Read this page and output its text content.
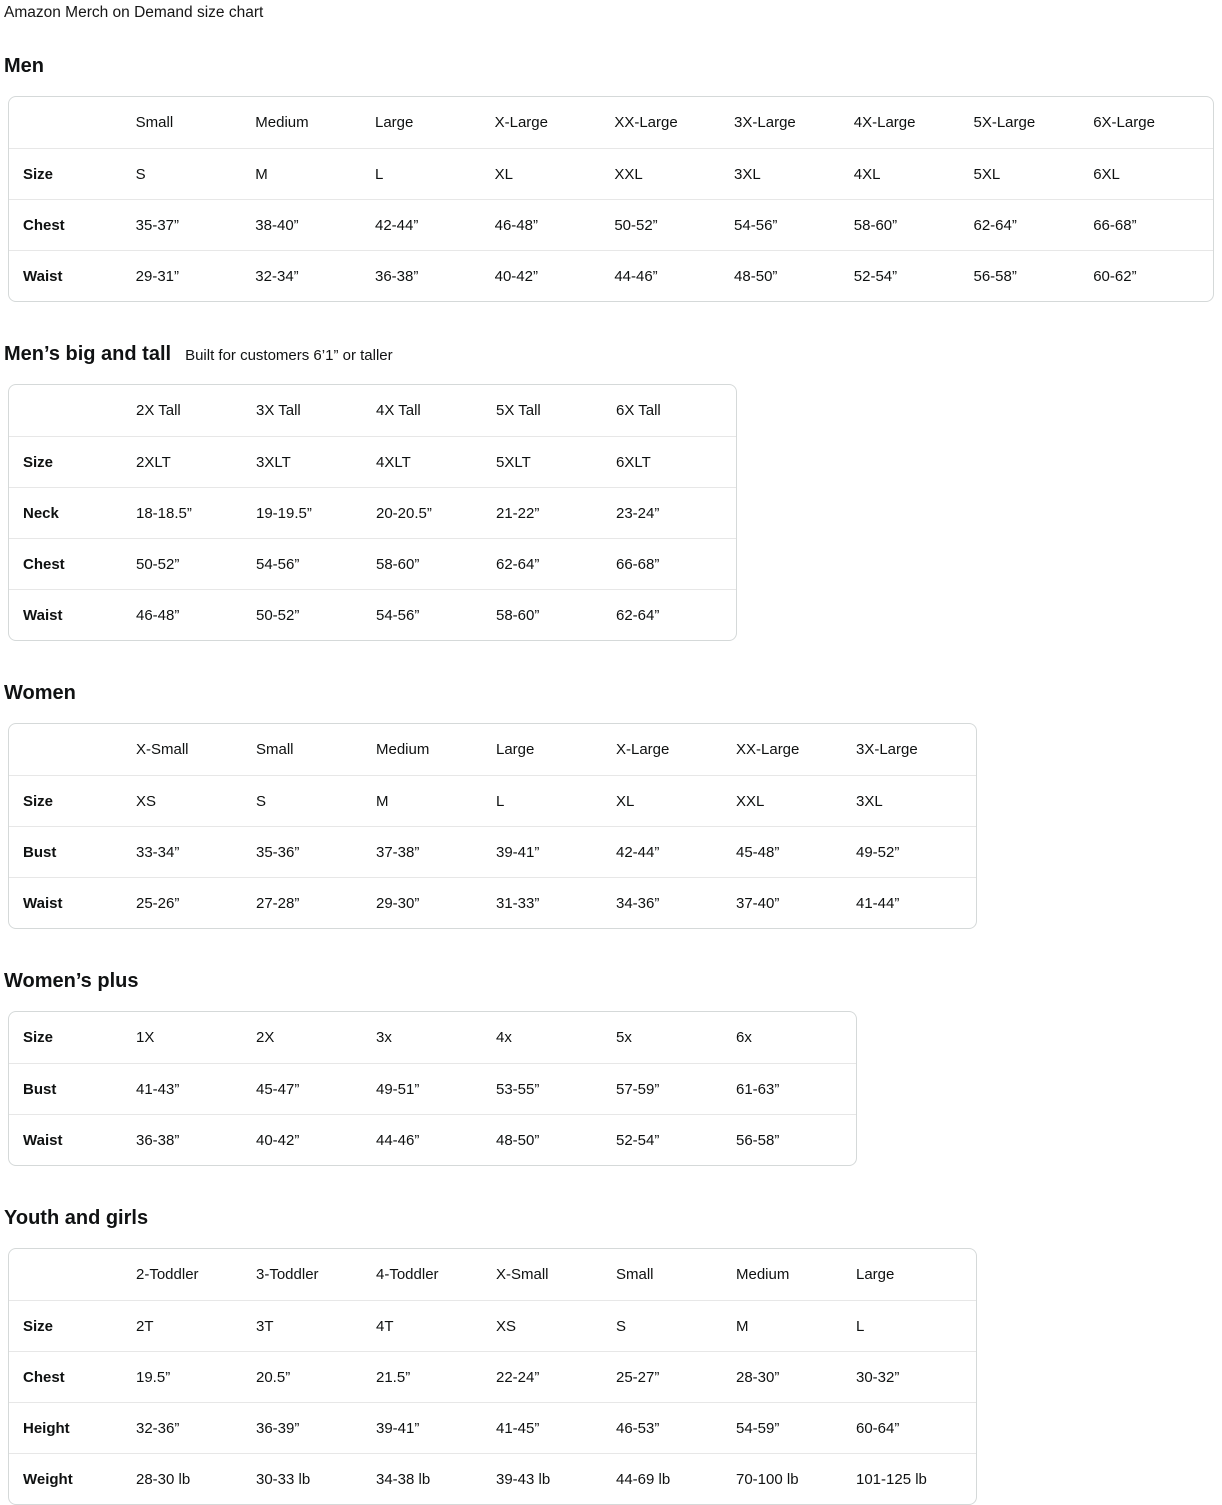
Amazon Merch on Demand size chart

Men
	Small	Medium	Large	X-Large	XX-Large	3X-Large	4X-Large	5X-Large	6X-Large
Size	S	M	L	XL	XXL	3XL	4XL	5XL	6XL
Chest	35-37”	38-40”	42-44”	46-48”	50-52”	54-56”	58-60”	62-64”	66-68”
Waist	29-31”	32-34”	36-38”	40-42”	44-46”	48-50”	52-54”	56-58”	60-62”
Men’s big and tall Built for customers 6’1” or taller
	2X Tall	3X Tall	4X Tall	5X Tall	6X Tall
Size	2XLT	3XLT	4XLT	5XLT	6XLT
Neck	18-18.5”	19-19.5”	20-20.5”	21-22”	23-24”
Chest	50-52”	54-56”	58-60”	62-64”	66-68”
Waist	46-48”	50-52”	54-56”	58-60”	62-64”
Women
	X-Small	Small	Medium	Large	X-Large	XX-Large	3X-Large
Size	XS	S	M	L	XL	XXL	3XL
Bust	33-34”	35-36”	37-38”	39-41”	42-44”	45-48”	49-52”
Waist	25-26”	27-28”	29-30”	31-33”	34-36”	37-40”	41-44”
Women’s plus
Size	1X	2X	3x	4x	5x	6x
Bust	41-43”	45-47”	49-51”	53-55”	57-59”	61-63”
Waist	36-38”	40-42”	44-46”	48-50”	52-54”	56-58”
Youth and girls
	2-Toddler	3-Toddler	4-Toddler	X-Small	Small	Medium	Large
Size	2T	3T	4T	XS	S	M	L
Chest	19.5”	20.5”	21.5”	22-24”	25-27”	28-30”	30-32”
Height	32-36”	36-39”	39-41”	41-45”	46-53”	54-59”	60-64”
Weight	28-30 lb	30-33 lb	34-38 lb	39-43 lb	44-69 lb	70-100 lb	101-125 lb
